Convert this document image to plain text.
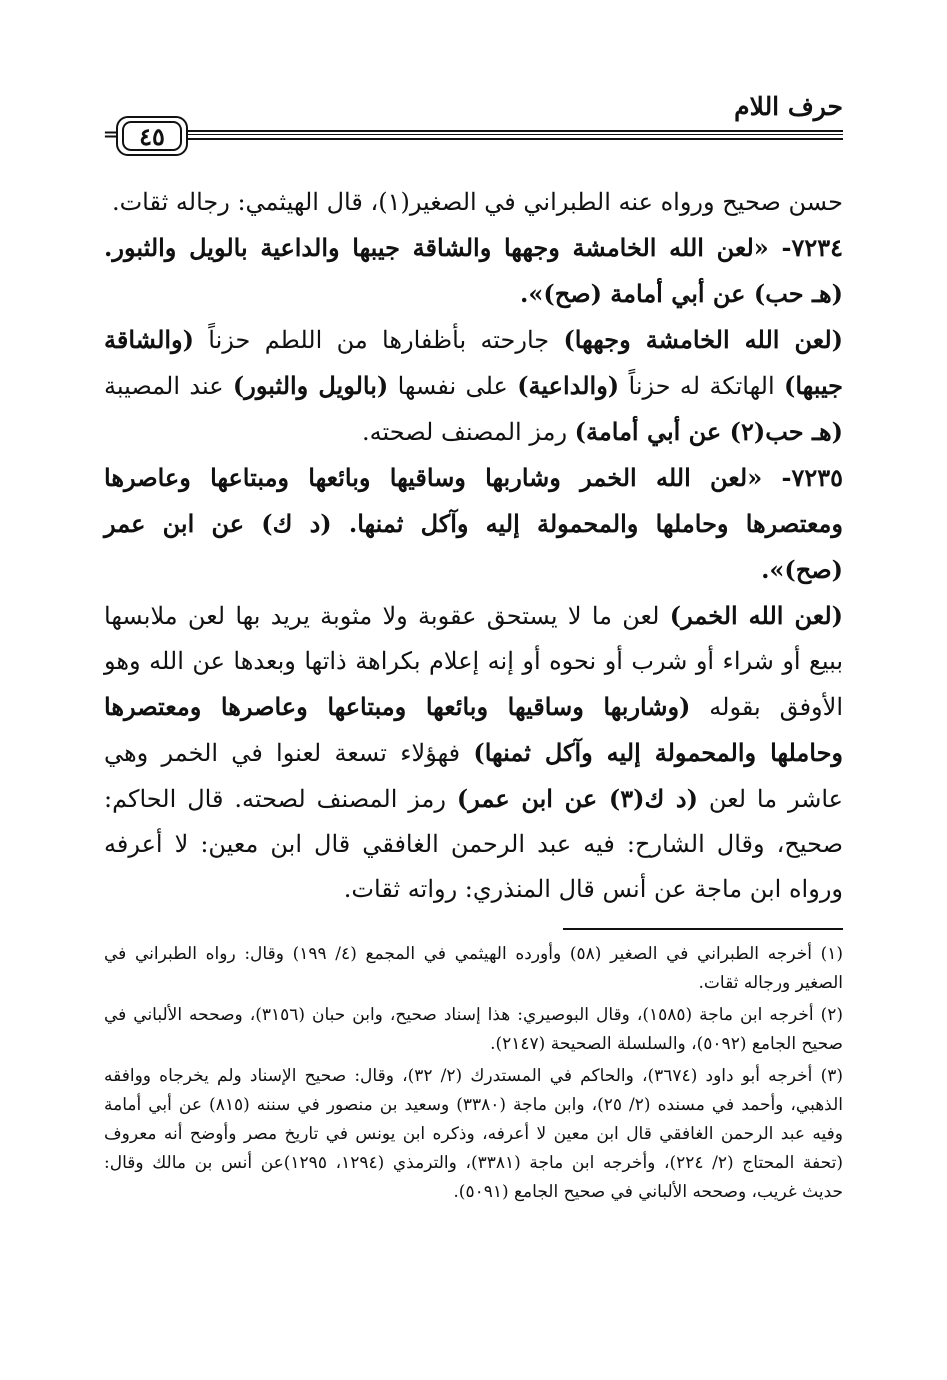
حرف اللام
= ٤٥

حسن صحيح ورواه عنه الطبراني في الصغير(١)، قال الهيثمي: رجاله ثقات.

٧٢٣٤- «لعن الله الخامشة وجهها والشاقة جيبها والداعية بالويل والثبور. (هـ حب) عن أبي أمامة (صح)».

(لعن الله الخامشة وجهها) جارحته بأظفارها من اللطم حزناً (والشاقة جيبها) الهاتكة له حزناً (والداعية) على نفسها (بالويل والثبور) عند المصيبة (هـ حب(٢) عن أبي أمامة) رمز المصنف لصحته.

٧٢٣٥- «لعن الله الخمر وشاربها وساقيها وبائعها ومبتاعها وعاصرها ومعتصرها وحاملها والمحمولة إليه وآكل ثمنها. (د ك) عن ابن عمر (صح)».

(لعن الله الخمر) لعن ما لا يستحق عقوبة ولا مثوبة يريد بها لعن ملابسها ببيع أو شراء أو شرب أو نحوه أو إنه إعلام بكراهة ذاتها وبعدها عن الله وهو الأوفق بقوله (وشاربها وساقيها وبائعها ومبتاعها وعاصرها ومعتصرها وحاملها والمحمولة إليه وآكل ثمنها) فهؤلاء تسعة لعنوا في الخمر وهي عاشر ما لعن (د ك(٣) عن ابن عمر) رمز المصنف لصحته. قال الحاكم: صحيح، وقال الشارح: فيه عبد الرحمن الغافقي قال ابن معين: لا أعرفه ورواه ابن ماجة عن أنس قال المنذري: رواته ثقات.

(١) أخرجه الطبراني في الصغير (٥٨) وأورده الهيثمي في المجمع (٤/ ١٩٩) وقال: رواه الطبراني في الصغير ورجاله ثقات.

(٢) أخرجه ابن ماجة (١٥٨٥)، وقال البوصيري: هذا إسناد صحيح، وابن حبان (٣١٥٦)، وصححه الألباني في صحيح الجامع (٥٠٩٢)، والسلسلة الصحيحة (٢١٤٧).

(٣) أخرجه أبو داود (٣٦٧٤)، والحاكم في المستدرك (٢/ ٣٢)، وقال: صحيح الإسناد ولم يخرجاه ووافقه الذهبي، وأحمد في مسنده (٢/ ٢٥)، وابن ماجة (٣٣٨٠) وسعيد بن منصور في سننه (٨١٥) عن أبي أمامة وفيه عبد الرحمن الغافقي قال ابن معين لا أعرفه، وذكره ابن يونس في تاريخ مصر وأوضح أنه معروف (تحفة المحتاج (٢/ ٢٢٤)، وأخرجه ابن ماجة (٣٣٨١)، والترمذي (١٢٩٤، ١٢٩٥)عن أنس بن مالك وقال: حديث غريب، وصححه الألباني في صحيح الجامع (٥٠٩١).
